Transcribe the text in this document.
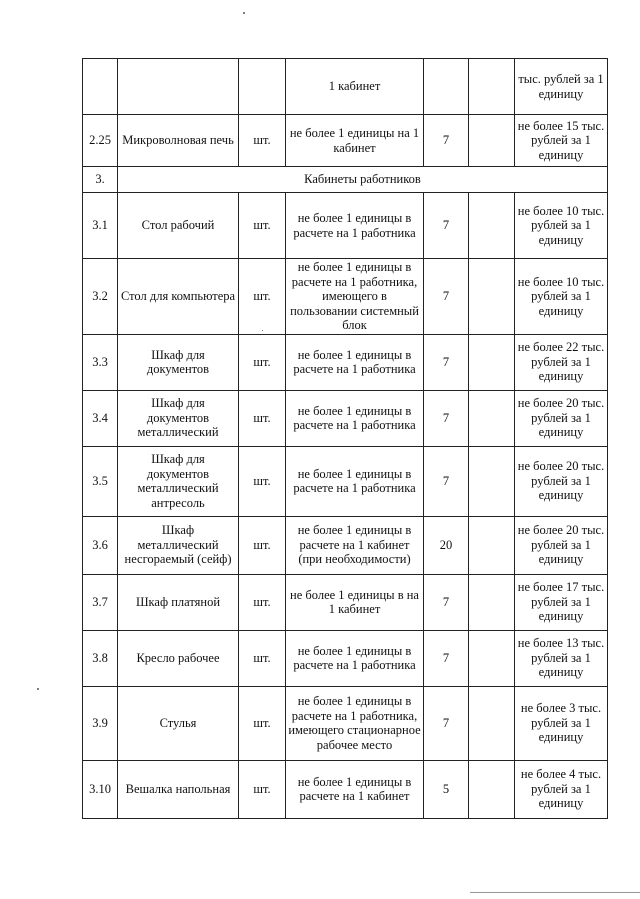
			1 кабинет			тыс. рублей за 1 единицу
2.25	Микроволновая печь	шт.	не более 1 единицы на 1 кабинет	7		не более 15 тыс. рублей за 1 единицу
3.	Кабинеты работников					
3.1	Стол рабочий	шт.	не более 1 единицы в расчете на 1 работника	7		не более 10 тыс. рублей за 1 единицу
3.2	Стол для компьютера	шт.	не более 1 единицы в расчете на 1 работника, имеющего в пользовании системный блок	7		не более 10 тыс. рублей за 1 единицу
3.3	Шкаф для документов	шт.	не более 1 единицы в расчете на 1 работника	7		не более 22 тыс. рублей за 1 единицу
3.4	Шкаф для документов металлический	шт.	не более 1 единицы в расчете на 1 работника	7		не более 20 тыс. рублей за 1 единицу
3.5	Шкаф для документов металлический антресоль	шт.	не более 1 единицы в расчете на 1 работника	7		не более 20 тыс. рублей за 1 единицу
3.6	Шкаф металлический несгораемый (сейф)	шт.	не более 1 единицы в расчете на 1 кабинет (при необходимости)	20		не более 20 тыс. рублей за 1 единицу
3.7	Шкаф платяной	шт.	не более 1 единицы в на 1 кабинет	7		не более 17 тыс. рублей за 1 единицу
3.8	Кресло рабочее	шт.	не более 1 единицы в расчете на 1 работника	7		не более 13 тыс. рублей за 1 единицу
3.9	Стулья	шт.	не более 1 единицы в расчете на 1 работника, имеющего стационарное рабочее место	7		не более 3 тыс. рублей за 1 единицу
3.10	Вешалка напольная	шт.	не более 1 единицы в расчете на 1 кабинет	5		не более 4 тыс. рублей за 1 единицу
